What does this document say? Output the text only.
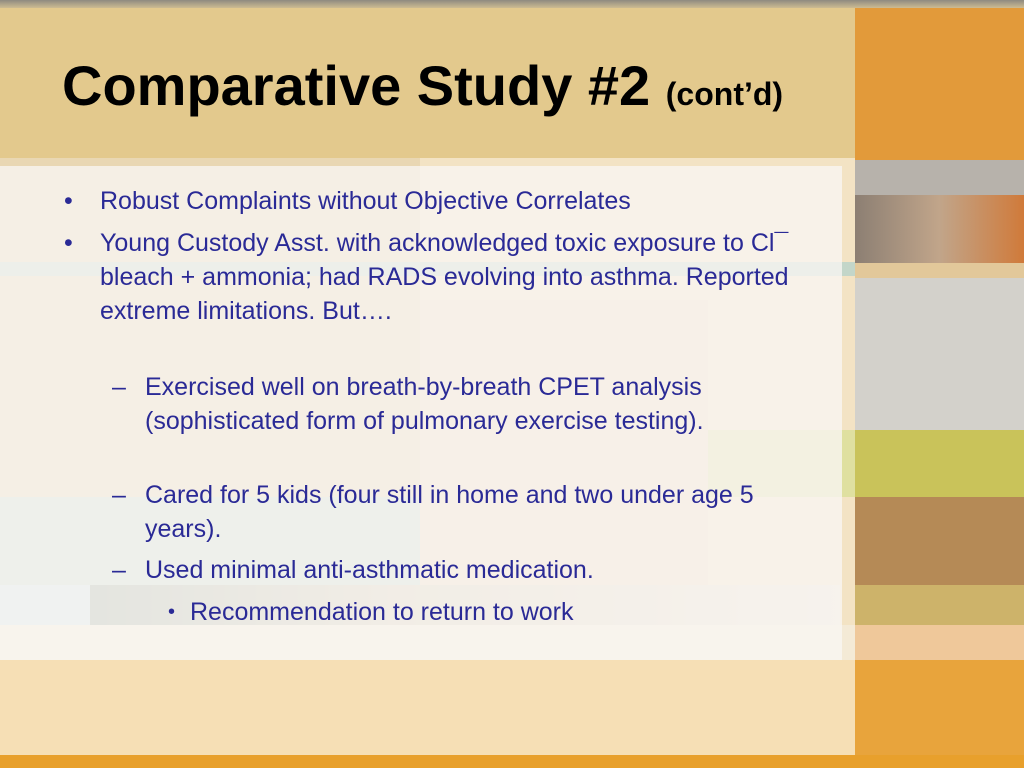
Comparative Study #2 (cont’d)
•	Robust Complaints without Objective Correlates
•	Young Custody Asst. with acknowledged toxic exposure to Cl¯ bleach + ammonia; had RADS evolving into asthma. Reported extreme limitations. But….
– Exercised well on breath-by-breath CPET analysis (sophisticated form of pulmonary exercise testing).
– Cared for 5 kids (four still in home and two under age 5 years).
– Used minimal anti-asthmatic medication.
• Recommendation to return to work
